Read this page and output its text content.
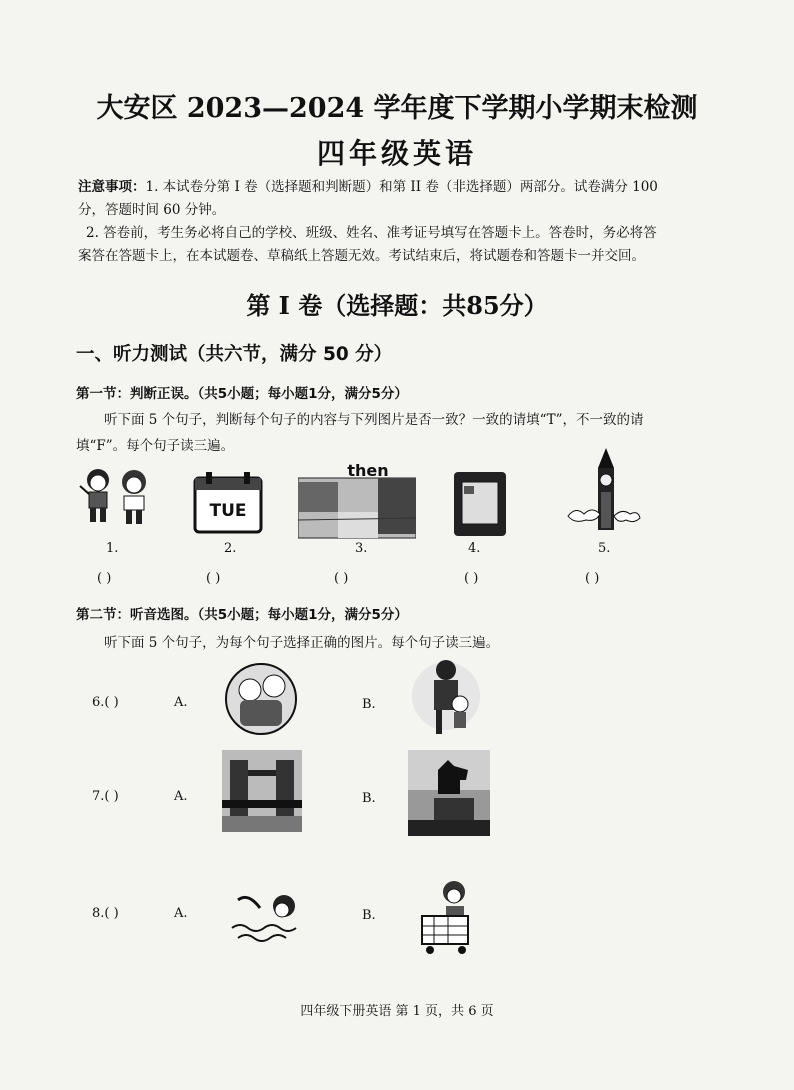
大安区 2023—2024 学年度下学期小学期末检测
四年级英语
注意事项：1. 本试卷分第 I 卷（选择题和判断题）和第 II 卷（非选择题）两部分。试卷满分 100
分，答题时间 60 分钟。
2. 答卷前，考生务必将自己的学校、班级、姓名、准考证号填写在答题卡上。答卷时，务必将答
案答在答题卡上，在本试题卷、草稿纸上答题无效。考试结束后，将试题卷和答题卡一并交回。
第 I 卷（选择题：共85分）
一、听力测试（共六节，满分 50 分）
第一节：判断正误。（共5小题；每小题1分，满分5分）
听下面 5 个句子，判断每个句子的内容与下列图片是否一致？一致的请填“T”，不一致的请
填“F”。每个句子读三遍。
TUE
then
1.	2.	3.	4.	5.
( )	( )	( )	( )	( )
第二节：听音选图。（共5小题；每小题1分，满分5分）
听下面 5 个句子，为每个句子选择正确的图片。每个句子读三遍。
6.( )	A.	B.
7.( )	A.	B.
8.( )	A.	B.
四年级下册英语 第 1 页，共 6 页
